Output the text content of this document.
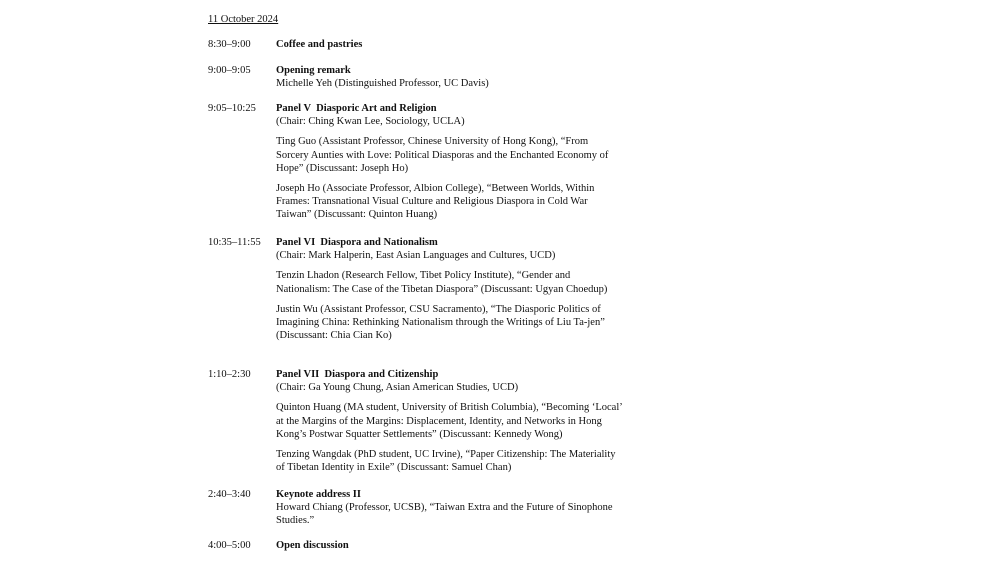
11 October 2024
8:30–9:00	Coffee and pastries
9:00–9:05	Opening remark
Michelle Yeh (Distinguished Professor, UC Davis)
9:05–10:25	Panel V  Diasporic Art and Religion
(Chair: Ching Kwan Lee, Sociology, UCLA)
Ting Guo (Assistant Professor, Chinese University of Hong Kong), “From
Sorcery Aunties with Love: Political Diasporas and the Enchanted Economy of
Hope” (Discussant: Joseph Ho)
Joseph Ho (Associate Professor, Albion College), “Between Worlds, Within
Frames: Transnational Visual Culture and Religious Diaspora in Cold War
Taiwan” (Discussant: Quinton Huang)
10:35–11:55	Panel VI  Diaspora and Nationalism
(Chair: Mark Halperin, East Asian Languages and Cultures, UCD)
Tenzin Lhadon (Research Fellow, Tibet Policy Institute), “Gender and
Nationalism: The Case of the Tibetan Diaspora” (Discussant: Ugyan Choedup)
Justin Wu (Assistant Professor, CSU Sacramento), “The Diasporic Politics of
Imagining China: Rethinking Nationalism through the Writings of Liu Ta-jen”
(Discussant: Chia Cian Ko)
1:10–2:30	Panel VII  Diaspora and Citizenship
(Chair: Ga Young Chung, Asian American Studies, UCD)
Quinton Huang (MA student, University of British Columbia), “Becoming ‘Local’
at the Margins of the Margins: Displacement, Identity, and Networks in Hong
Kong’s Postwar Squatter Settlements” (Discussant: Kennedy Wong)
Tenzing Wangdak (PhD student, UC Irvine), “Paper Citizenship: The Materiality
of Tibetan Identity in Exile” (Discussant: Samuel Chan)
2:40–3:40	Keynote address II
Howard Chiang (Professor, UCSB), “Taiwan Extra and the Future of Sinophone
Studies.”
4:00–5:00	Open discussion
